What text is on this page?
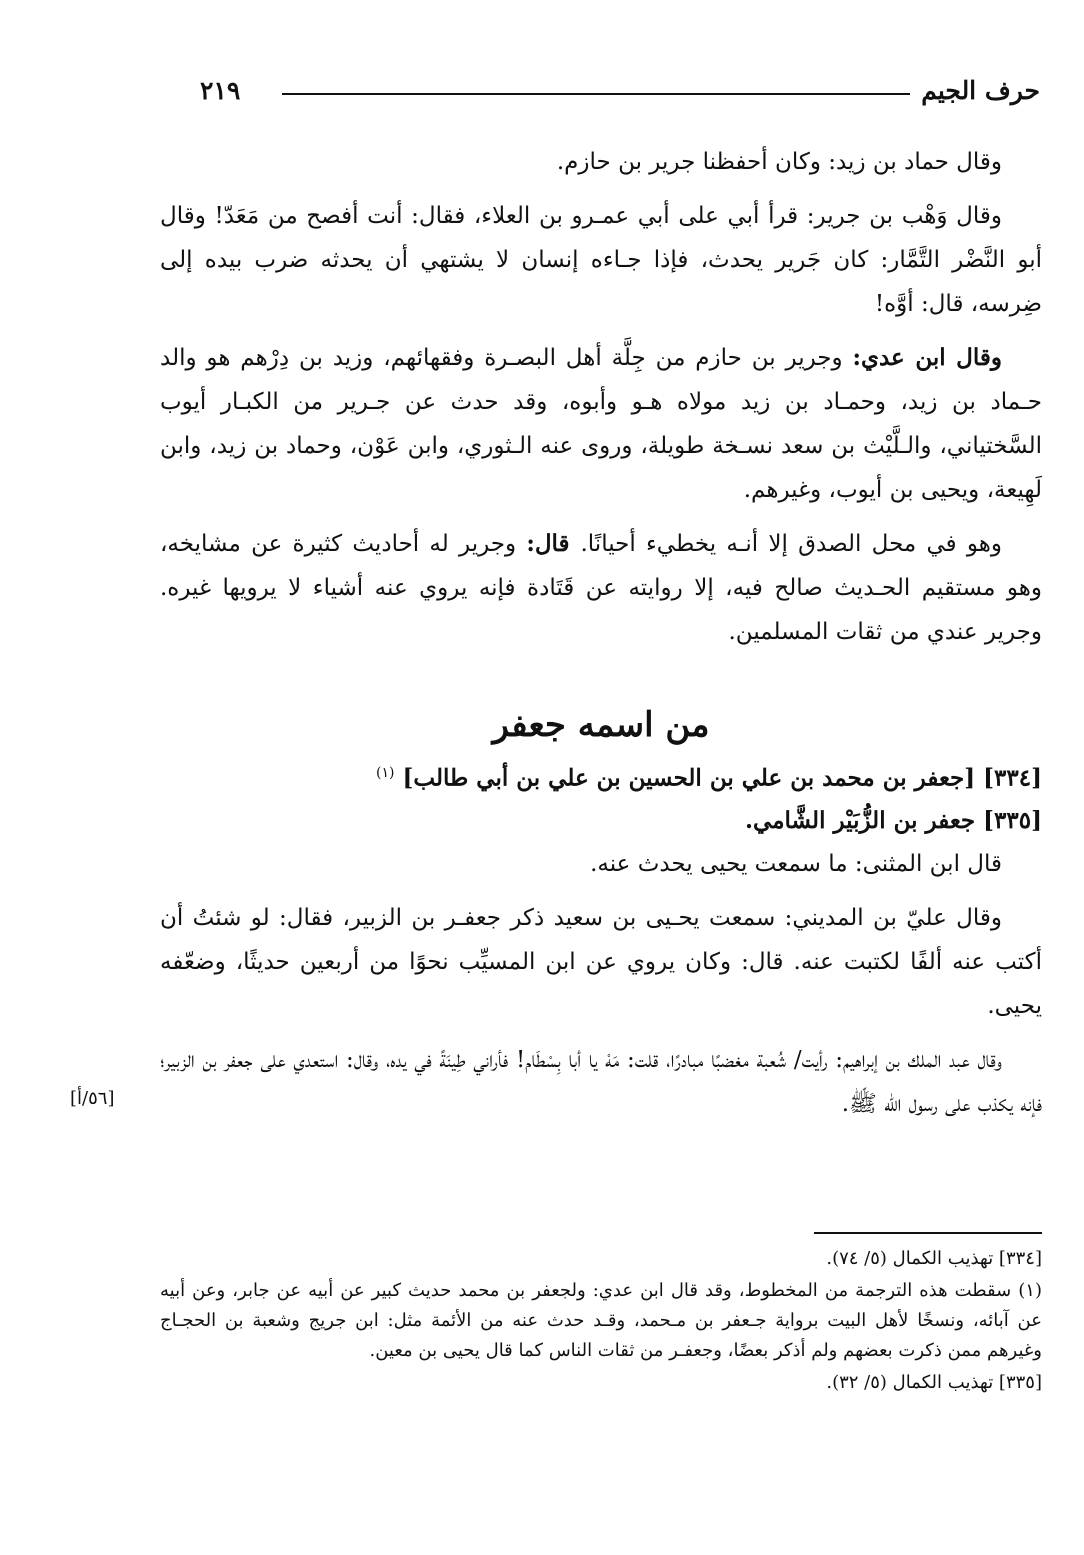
٢١٩	حرف الجيم

وقال حماد بن زيد: وكان أحفظنا جرير بن حازم.

وقال وَهْب بن جرير: قرأ أبي على أبي عمـرو بن العلاء، فقال: أنت أفصح من مَعَدّ! وقال أبو النَّضْر التَّمَّار: كان جَرير يحدث، فإذا جـاءه إنسان لا يشتهي أن يحدثه ضرب بيده إلى ضِرسه، قال: أوَّه!

وقال ابن عدي: وجرير بن حازم من جِلَّة أهل البصـرة وفقهائهم، وزيد بن دِرْهم هو والد حـماد بن زيد، وحمـاد بن زيد مولاه هـو وأبوه، وقد حدث عن جـرير من الكبـار أيوب السَّختياني، والـلَّيْث بن سعد نسـخة طويلة، وروى عنه الـثوري، وابن عَوْن، وحماد بن زيد، وابن لَهِيعة، ويحيى بن أيوب، وغيرهم.

وهو في محل الصدق إلا أنـه يخطيء أحيانًا. قال: وجرير له أحاديث كثيرة عن مشايخه، وهو مستقيم الحـديث صالح فيه، إلا روايته عن قَتَادة فإنه يروي عنه أشياء لا يرويها غيره. وجرير عندي من ثقات المسلمين.

من اسمه جعفر

[٣٣٤] [جعفر بن محمد بن علي بن الحسين بن علي بن أبي طالب] $^{(١)}$

[٣٣٥] جعفر بن الزُّبَيْر الشَّامي.

قال ابن المثنى: ما سمعت يحيى يحدث عنه.

وقال عليّ بن المديني: سمعت يحـيى بن سعيد ذكر جعفـر بن الزبير، فقال: لو شئتُ أن أكتب عنه ألفًا لكتبت عنه. قال: وكان يروي عن ابن المسيِّب نحوًا من أربعين حديثًا، وضعّفه يحيى.

وقال عبد الملك بن إبراهيم: رأيت/ شُعبة مغضبًا مبادرًا، قلت: مَهْ يا أبا بِسْطَام! فأراني طِينَةً في يده، وقال: استعدي على جعفر بن الزبير؛ فإنه يكذب على رسول الله ﷺ.

[٥٦/أ]

[٣٣٤] تهذيب الكمال (٥/ ٧٤).

(١) سقطت هذه الترجمة من المخطوط، وقد قال ابن عدي: ولجعفر بن محمد حديث كبير عن أبيه عن جابر، وعن أبيه عن آبائه، ونسخًا لأهل البيت برواية جـعفر بن مـحمد، وقـد حدث عنه من الأئمة مثل: ابن جريج وشعبة بن الحجـاج وغيرهم ممن ذكرت بعضهم ولم أذكر بعضًا، وجعفـر من ثقات الناس كما قال يحيى بن معين.

[٣٣٥] تهذيب الكمال (٥/ ٣٢).
